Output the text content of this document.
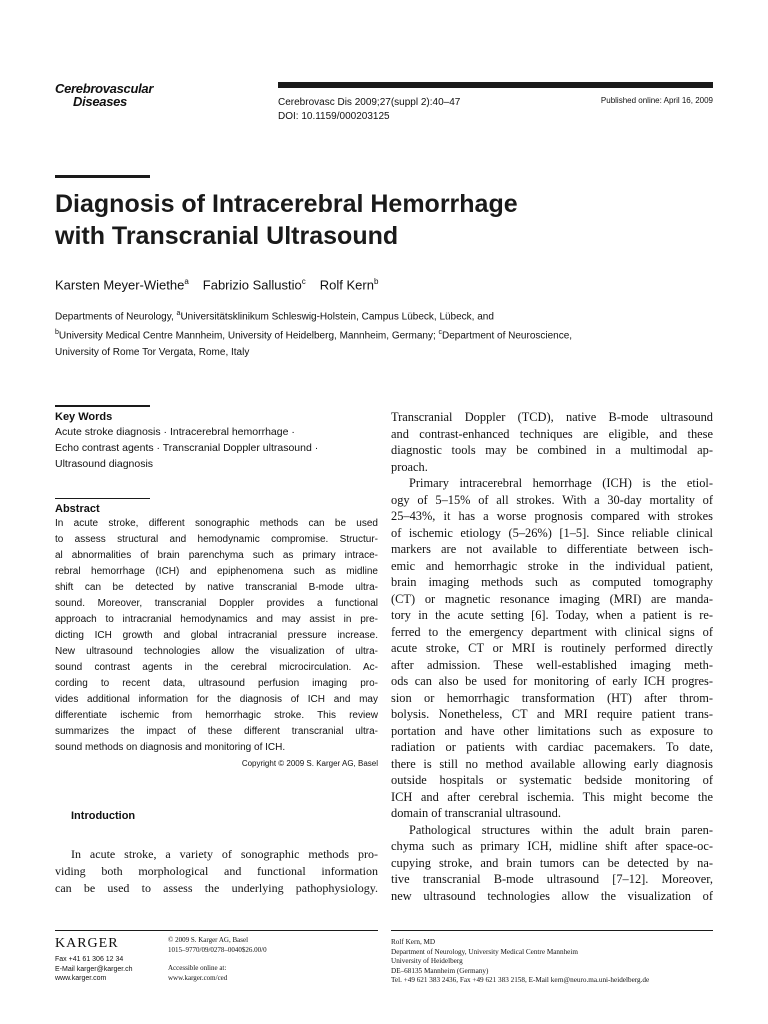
Cerebrovascular
Diseases	Cerebrovasc Dis 2009;27(suppl 2):40–47
DOI: 10.1159/000203125
Published online: April 16, 2009
Diagnosis of Intracerebral Hemorrhage
with Transcranial Ultrasound
Karsten Meyer-Wiethe$^a$ Fabrizio Sallustio$^c$ Rolf Kern$^b$
Departments of Neurology, $^a$Universitätsklinikum Schleswig-Holstein, Campus Lübeck, Lübeck, and
$^b$University Medical Centre Mannheim, University of Heidelberg, Mannheim, Germany; $^c$Department of Neuroscience,
University of Rome Tor Vergata, Rome, Italy
Key Words
Acute stroke diagnosis · Intracerebral hemorrhage ·
Echo contrast agents · Transcranial Doppler ultrasound ·
Ultrasound diagnosis
Abstract
In acute stroke, different sonographic methods can be used
to assess structural and hemodynamic compromise. Structur-
al abnormalities of brain parenchyma such as primary intrace-
rebral hemorrhage (ICH) and epiphenomena such as midline
shift can be detected by native transcranial B-mode ultra-
sound. Moreover, transcranial Doppler provides a functional
approach to intracranial hemodynamics and may assist in pre-
dicting ICH growth and global intracranial pressure increase.
New ultrasound technologies allow the visualization of ultra-
sound contrast agents in the cerebral microcirculation. Ac-
cording to recent data, ultrasound perfusion imaging pro-
vides additional information for the diagnosis of ICH and may
differentiate ischemic from hemorrhagic stroke. This review
summarizes the impact of these different transcranial ultra-
sound methods on diagnosis and monitoring of ICH.
Copyright © 2009 S. Karger AG, Basel
Introduction
In acute stroke, a variety of sonographic methods pro-
viding both morphological and functional information
can be used to assess the underlying pathophysiology.
Transcranial Doppler (TCD), native B-mode ultrasound
and contrast-enhanced techniques are eligible, and these
diagnostic tools may be combined in a multimodal ap-
proach.
Primary intracerebral hemorrhage (ICH) is the etiol-
ogy of 5–15% of all strokes. With a 30-day mortality of
25–43%, it has a worse prognosis compared with strokes
of ischemic etiology (5–26%) [1–5]. Since reliable clinical
markers are not available to differentiate between isch-
emic and hemorrhagic stroke in the individual patient,
brain imaging methods such as computed tomography
(CT) or magnetic resonance imaging (MRI) are manda-
tory in the acute setting [6]. Today, when a patient is re-
ferred to the emergency department with clinical signs of
acute stroke, CT or MRI is routinely performed directly
after admission. These well-established imaging meth-
ods can also be used for monitoring of early ICH progres-
sion or hemorrhagic transformation (HT) after throm-
bolysis. Nonetheless, CT and MRI require patient trans-
portation and have other limitations such as exposure to
radiation or patients with cardiac pacemakers. To date,
there is still no method available allowing early diagnosis
outside hospitals or systematic bedside monitoring of
ICH and after cerebral ischemia. This might become the
domain of transcranial ultrasound.
Pathological structures within the adult brain paren-
chyma such as primary ICH, midline shift after space-oc-
cupying stroke, and brain tumors can be detected by na-
tive transcranial B-mode ultrasound [7–12]. Moreover,
new ultrasound technologies allow the visualization of
KARGER
Fax +41 61 306 12 34
E-Mail karger@karger.ch
www.karger.com
© 2009 S. Karger AG, Basel
1015–9770/09/0278–0040$26.00/0
Accessible online at:
www.karger.com/ced
Rolf Kern, MD
Department of Neurology, University Medical Centre Mannheim
University of Heidelberg
DE–68135 Mannheim (Germany)
Tel. +49 621 383 2436, Fax +49 621 383 2158, E-Mail kern@neuro.ma.uni-heidelberg.de
